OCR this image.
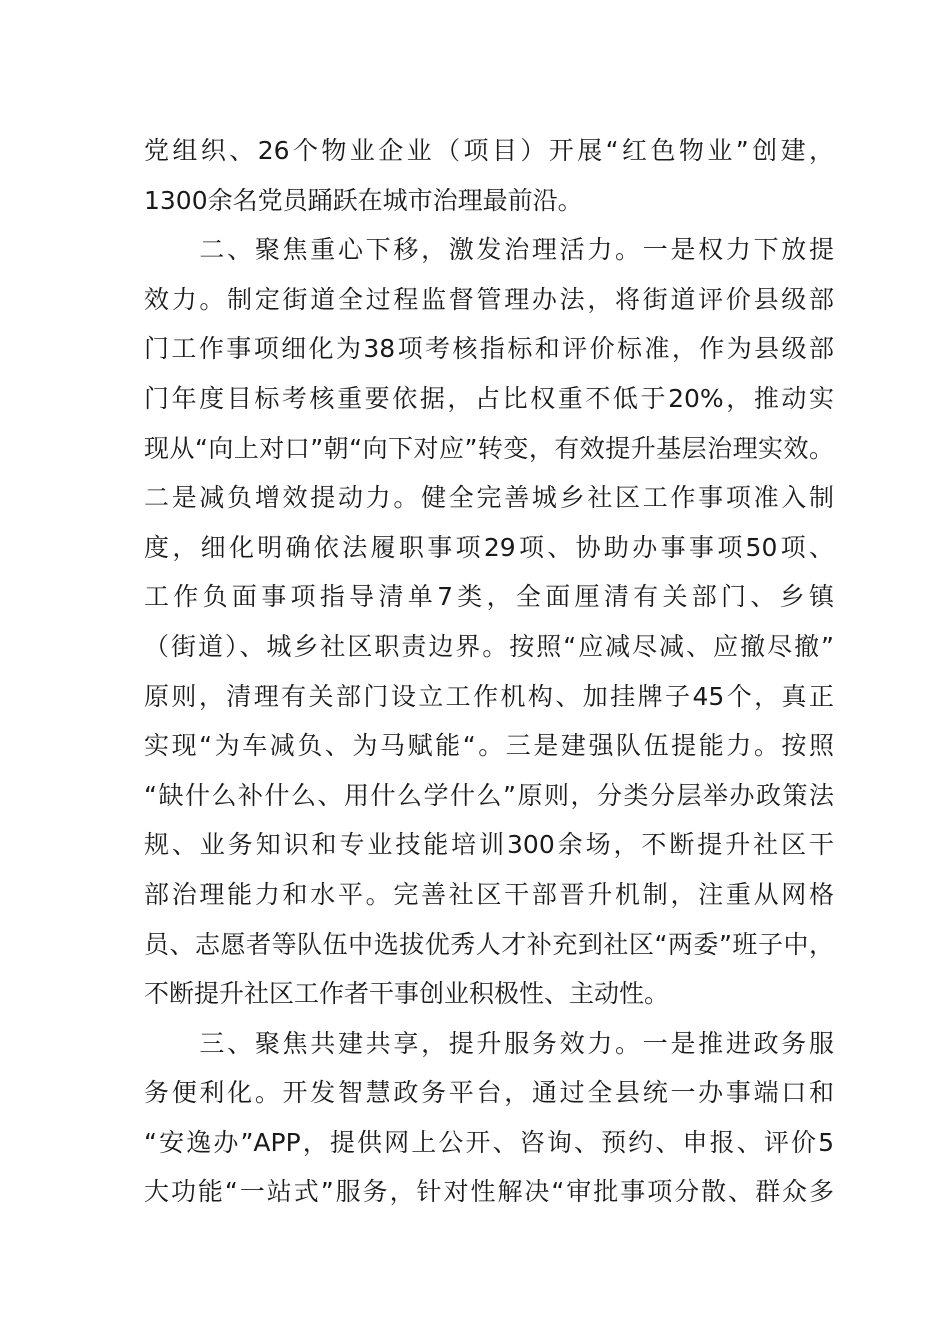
党组织、26个物业企业（项目）开展“红色物业”创建，
1300余名党员踊跃在城市治理最前沿。
　　二、聚焦重心下移，激发治理活力。一是权力下放提
效力。制定街道全过程监督管理办法，将街道评价县级部
门工作事项细化为38项考核指标和评价标准，作为县级部
门年度目标考核重要依据，占比权重不低于20%，推动实
现从“向上对口”朝“向下对应”转变，有效提升基层治理实效。
二是减负增效提动力。健全完善城乡社区工作事项准入制
度，细化明确依法履职事项29项、协助办事事项50项、
工作负面事项指导清单7类，全面厘清有关部门、乡镇
（街道）、城乡社区职责边界。按照“应减尽减、应撤尽撤”
原则，清理有关部门设立工作机构、加挂牌子45个，真正
实现“为车减负、为马赋能“。三是建强队伍提能力。按照
“缺什么补什么、用什么学什么”原则，分类分层举办政策法
规、业务知识和专业技能培训300余场，不断提升社区干
部治理能力和水平。完善社区干部晋升机制，注重从网格
员、志愿者等队伍中选拔优秀人才补充到社区“两委”班子中，
不断提升社区工作者干事创业积极性、主动性。
　　三、聚焦共建共享，提升服务效力。一是推进政务服
务便利化。开发智慧政务平台，通过全县统一办事端口和
“安逸办”APP，提供网上公开、咨询、预约、申报、评价5
大功能“一站式”服务，针对性解决“审批事项分散、群众多
